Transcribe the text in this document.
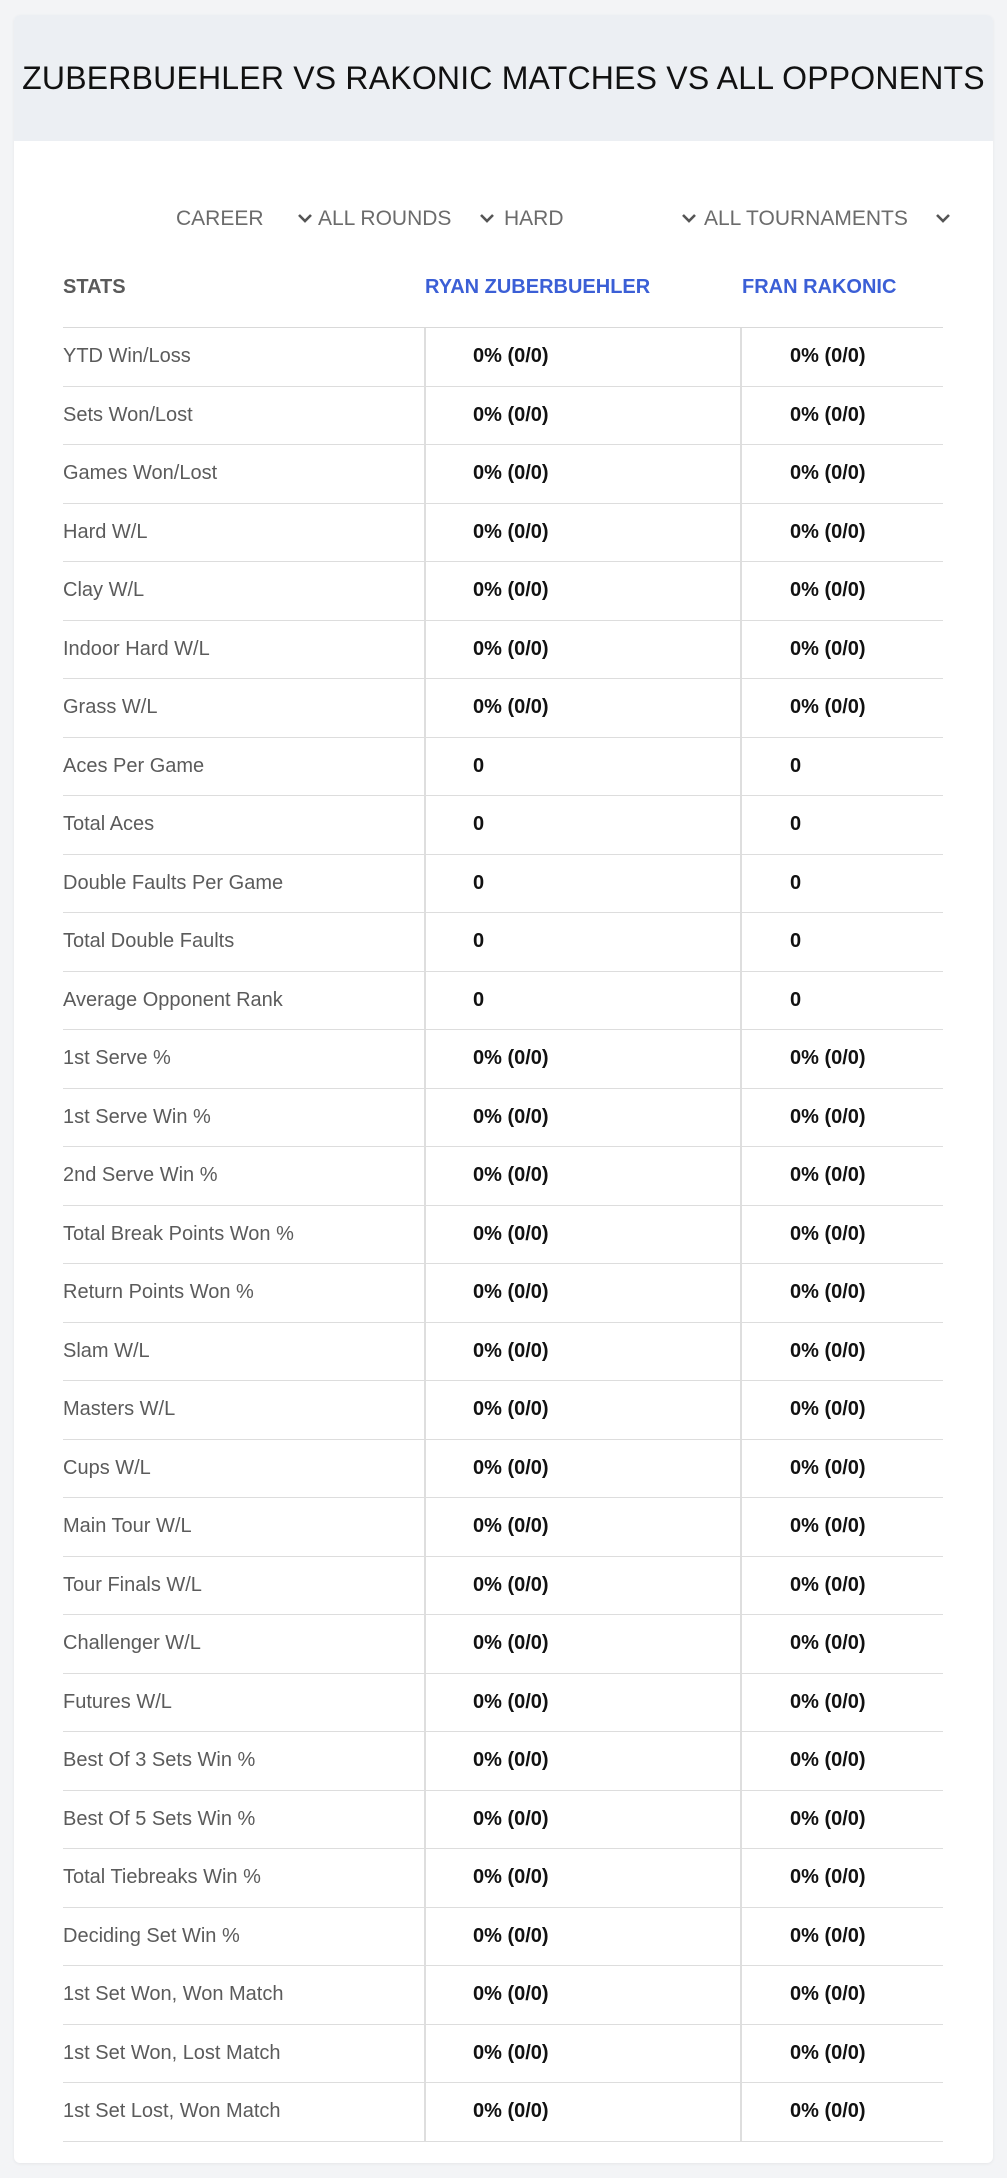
ZUBERBUEHLER VS RAKONIC MATCHES VS ALL OPPONENTS
CAREER	ALL ROUNDS	HARD	ALL TOURNAMENTS
STATS	RYAN ZUBERBUEHLER	FRAN RAKONIC
YTD Win/Loss	0% (0/0)	0% (0/0)
Sets Won/Lost	0% (0/0)	0% (0/0)
Games Won/Lost	0% (0/0)	0% (0/0)
Hard W/L	0% (0/0)	0% (0/0)
Clay W/L	0% (0/0)	0% (0/0)
Indoor Hard W/L	0% (0/0)	0% (0/0)
Grass W/L	0% (0/0)	0% (0/0)
Aces Per Game	0	0
Total Aces	0	0
Double Faults Per Game	0	0
Total Double Faults	0	0
Average Opponent Rank	0	0
1st Serve %	0% (0/0)	0% (0/0)
1st Serve Win %	0% (0/0)	0% (0/0)
2nd Serve Win %	0% (0/0)	0% (0/0)
Total Break Points Won %	0% (0/0)	0% (0/0)
Return Points Won %	0% (0/0)	0% (0/0)
Slam W/L	0% (0/0)	0% (0/0)
Masters W/L	0% (0/0)	0% (0/0)
Cups W/L	0% (0/0)	0% (0/0)
Main Tour W/L	0% (0/0)	0% (0/0)
Tour Finals W/L	0% (0/0)	0% (0/0)
Challenger W/L	0% (0/0)	0% (0/0)
Futures W/L	0% (0/0)	0% (0/0)
Best Of 3 Sets Win %	0% (0/0)	0% (0/0)
Best Of 5 Sets Win %	0% (0/0)	0% (0/0)
Total Tiebreaks Win %	0% (0/0)	0% (0/0)
Deciding Set Win %	0% (0/0)	0% (0/0)
1st Set Won, Won Match	0% (0/0)	0% (0/0)
1st Set Won, Lost Match	0% (0/0)	0% (0/0)
1st Set Lost, Won Match	0% (0/0)	0% (0/0)
